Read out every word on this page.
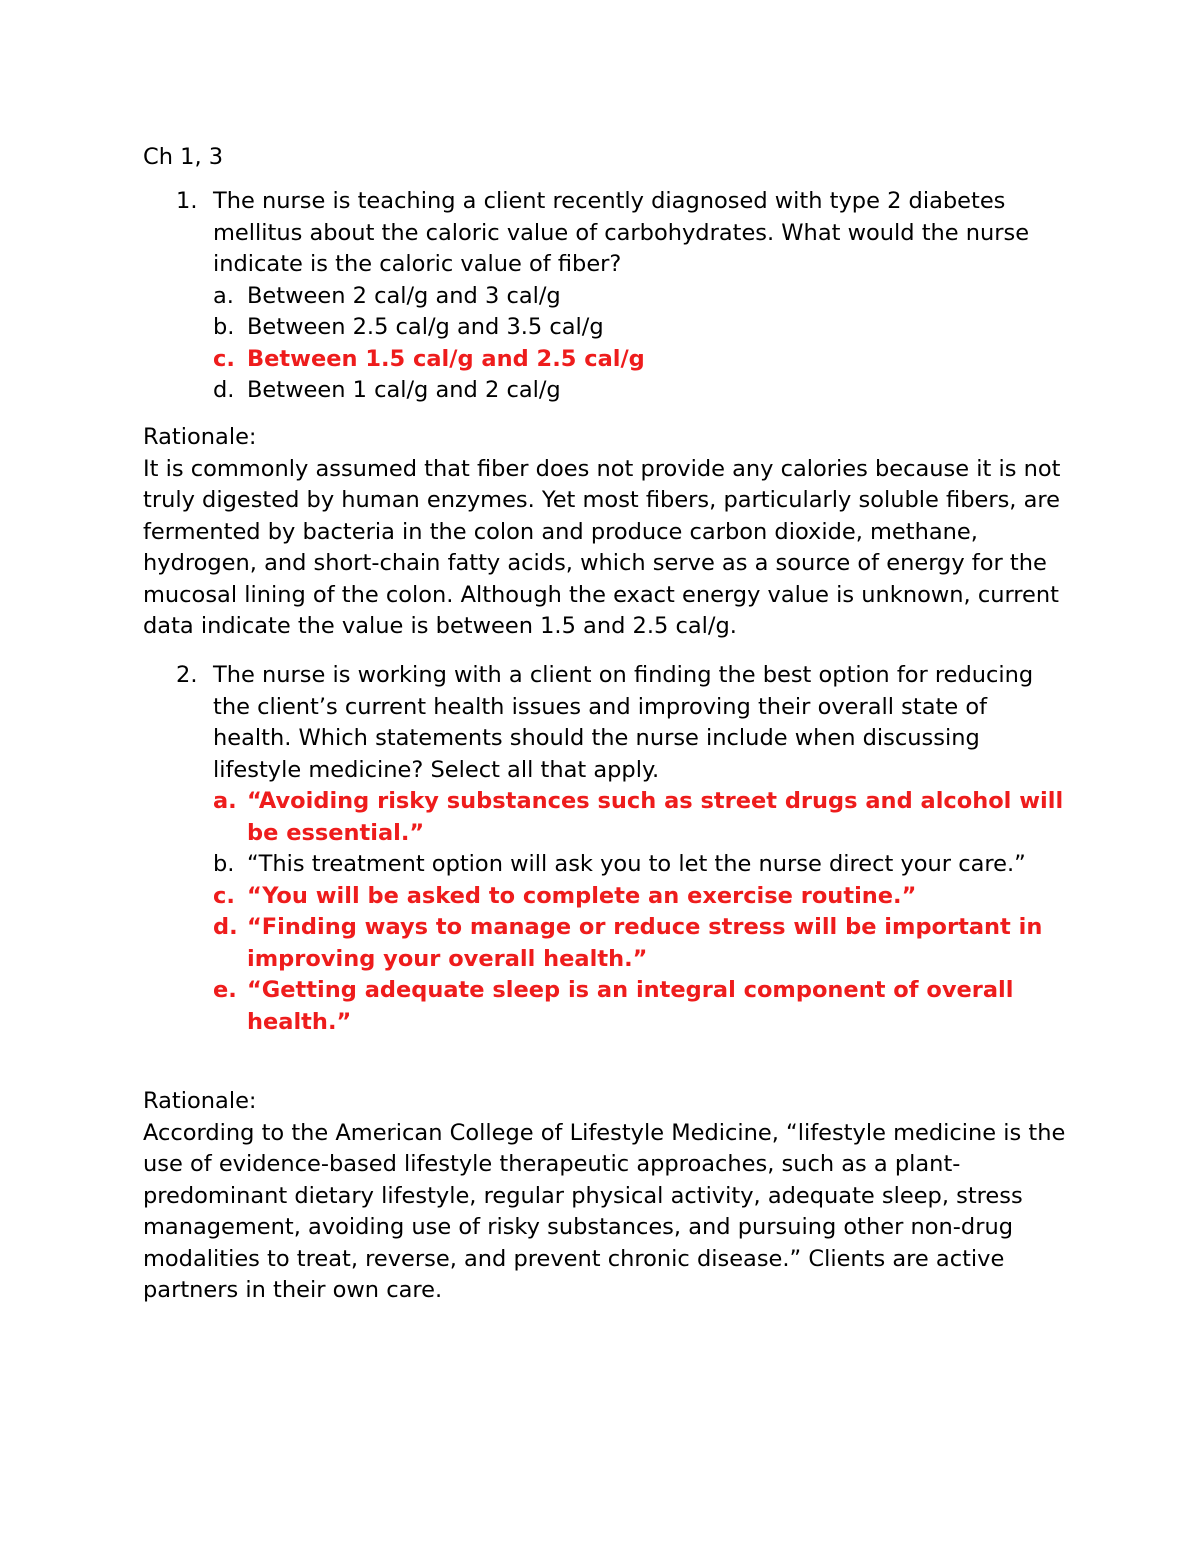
Ch 1, 3

1. The nurse is teaching a client recently diagnosed with type 2 diabetes mellitus about the caloric value of carbohydrates. What would the nurse indicate is the caloric value of fiber?

a. Between 2 cal/g and 3 cal/g

b. Between 2.5 cal/g and 3.5 cal/g

c. Between 1.5 cal/g and 2.5 cal/g

d. Between 1 cal/g and 2 cal/g

Rationale:

It is commonly assumed that fiber does not provide any calories because it is not truly digested by human enzymes. Yet most fibers, particularly soluble fibers, are fermented by bacteria in the colon and produce carbon dioxide, methane, hydrogen, and short-chain fatty acids, which serve as a source of energy for the mucosal lining of the colon. Although the exact energy value is unknown, current data indicate the value is between 1.5 and 2.5 cal/g.

2. The nurse is working with a client on finding the best option for reducing the client’s current health issues and improving their overall state of health. Which statements should the nurse include when discussing lifestyle medicine? Select all that apply.

a. “Avoiding risky substances such as street drugs and alcohol will be essential.”

b. “This treatment option will ask you to let the nurse direct your care.”

c. “You will be asked to complete an exercise routine.”

d. “Finding ways to manage or reduce stress will be important in improving your overall health.”

e. “Getting adequate sleep is an integral component of overall health.”

Rationale:

According to the American College of Lifestyle Medicine, “lifestyle medicine is the use of evidence-based lifestyle therapeutic approaches, such as a plant-predominant dietary lifestyle, regular physical activity, adequate sleep, stress management, avoiding use of risky substances, and pursuing other non-drug modalities to treat, reverse, and prevent chronic disease.” Clients are active partners in their own care.
